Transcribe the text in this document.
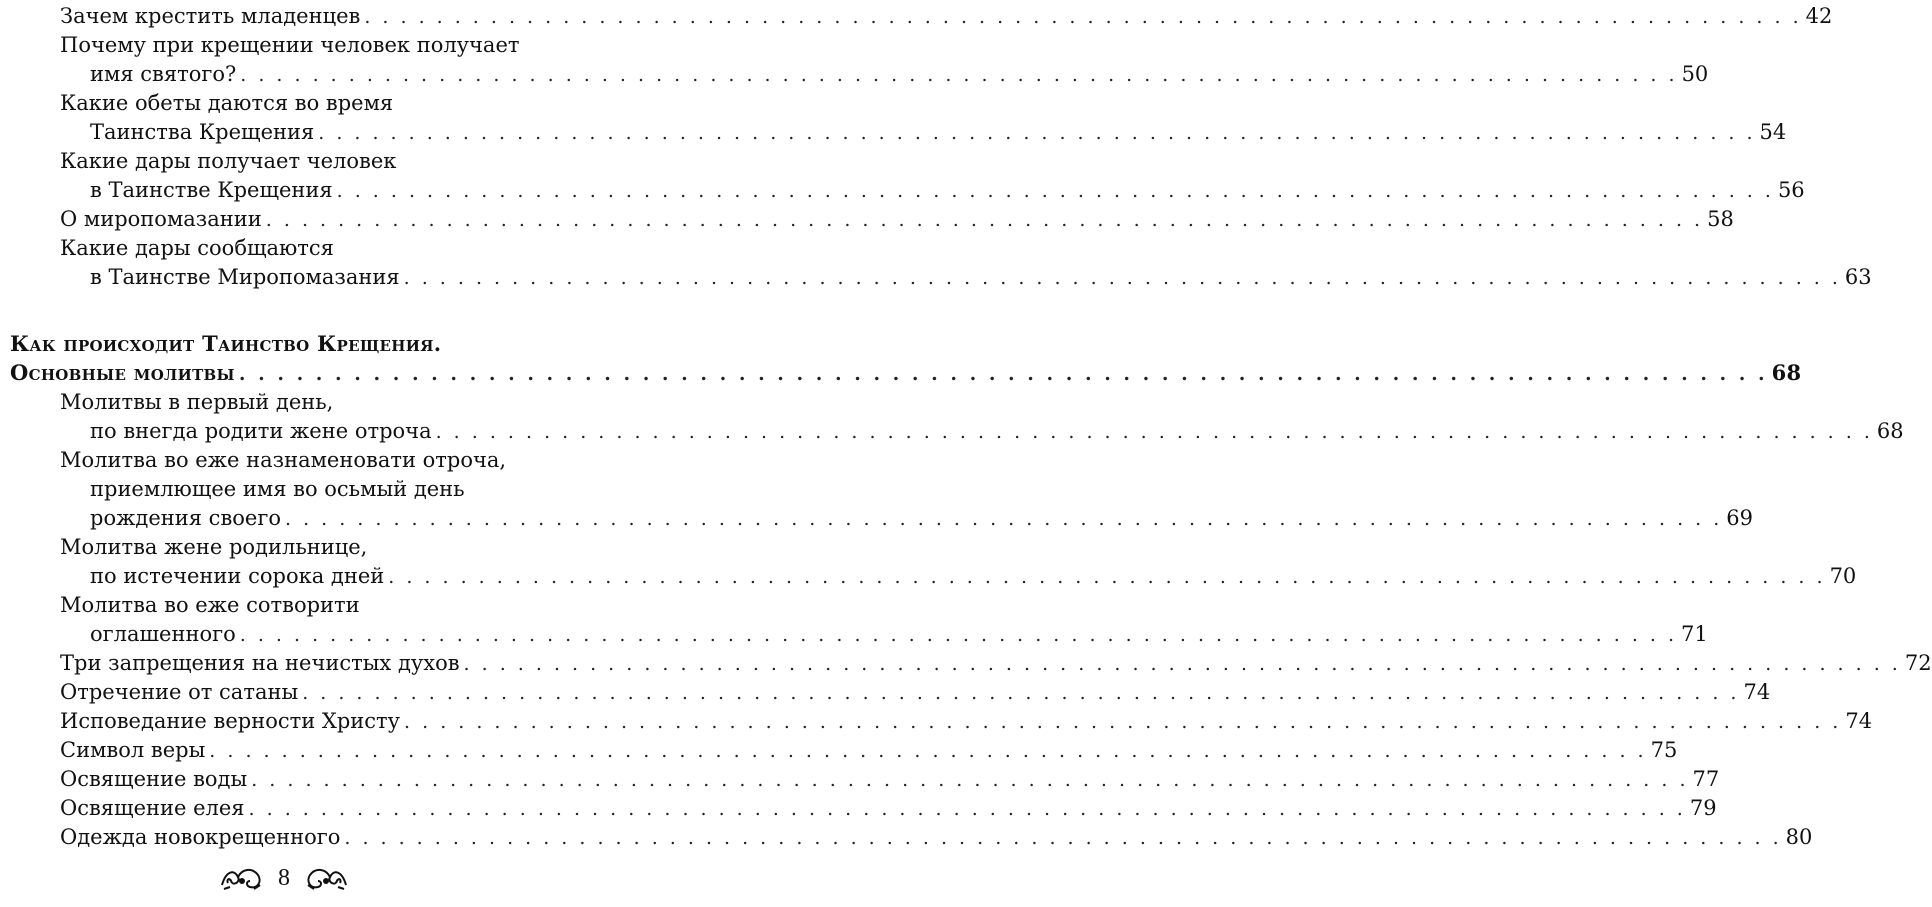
Зачем крестить младенцев . . . . . . . . . . . . . . . . . . . . . . . . . . . . . . . . . . . . . . . . . . . . . . . . . . . . . . . . . . . . . . . . . . . . . . . . . . . . . . . . 42
Почему при крещении человек получает
имя святого? . . . . . . . . . . . . . . . . . . . . . . . . . . . . . . . . . . . . . . . . . . . . . . . . . . . . . . . . . . . . . . . . . . . . . . . . . . . . . . . . 50
Какие обеты даются во время
Таинства Крещения . . . . . . . . . . . . . . . . . . . . . . . . . . . . . . . . . . . . . . . . . . . . . . . . . . . . . . . . . . . . . . . . . . . . . . . . . . . . . . . . 54
Какие дары получает человек
в Таинстве Крещения . . . . . . . . . . . . . . . . . . . . . . . . . . . . . . . . . . . . . . . . . . . . . . . . . . . . . . . . . . . . . . . . . . . . . . . . . . . . . . . . 56
О миропомазании . . . . . . . . . . . . . . . . . . . . . . . . . . . . . . . . . . . . . . . . . . . . . . . . . . . . . . . . . . . . . . . . . . . . . . . . . . . . . . . . 58
Какие дары сообщаются
в Таинстве Миропомазания . . . . . . . . . . . . . . . . . . . . . . . . . . . . . . . . . . . . . . . . . . . . . . . . . . . . . . . . . . . . . . . . . . . . . . . . . . . . . . . . 63
Как происходит Таинство Крещения.
Основные молитвы . . . . . . . . . . . . . . . . . . . . . . . . . . . . . . . . . . . . . . . . . . . . . . . . . . . . . . . . . . . . . . . . . . . . . . . . . . . . . . . . 68
Молитвы в первый день,
по внегда родити жене отроча . . . . . . . . . . . . . . . . . . . . . . . . . . . . . . . . . . . . . . . . . . . . . . . . . . . . . . . . . . . . . . . . . . . . . . . . . . . . . . . . 68
Молитва во еже назнаменовати отроча,
приемлющее имя во осьмый день
рождения своего . . . . . . . . . . . . . . . . . . . . . . . . . . . . . . . . . . . . . . . . . . . . . . . . . . . . . . . . . . . . . . . . . . . . . . . . . . . . . . . . 69
Молитва жене родильнице,
по истечении сорока дней . . . . . . . . . . . . . . . . . . . . . . . . . . . . . . . . . . . . . . . . . . . . . . . . . . . . . . . . . . . . . . . . . . . . . . . . . . . . . . . . 70
Молитва во еже сотворити
оглашенного . . . . . . . . . . . . . . . . . . . . . . . . . . . . . . . . . . . . . . . . . . . . . . . . . . . . . . . . . . . . . . . . . . . . . . . . . . . . . . . . 71
Три запрещения на нечистых духов . . . . . . . . . . . . . . . . . . . . . . . . . . . . . . . . . . . . . . . . . . . . . . . . . . . . . . . . . . . . . . . . . . . . . . . . . . . . . . . . 72
Отречение от сатаны . . . . . . . . . . . . . . . . . . . . . . . . . . . . . . . . . . . . . . . . . . . . . . . . . . . . . . . . . . . . . . . . . . . . . . . . . . . . . . . . 74
Исповедание верности Христу . . . . . . . . . . . . . . . . . . . . . . . . . . . . . . . . . . . . . . . . . . . . . . . . . . . . . . . . . . . . . . . . . . . . . . . . . . . . . . . . 74
Символ веры . . . . . . . . . . . . . . . . . . . . . . . . . . . . . . . . . . . . . . . . . . . . . . . . . . . . . . . . . . . . . . . . . . . . . . . . . . . . . . . . 75
Освящение воды . . . . . . . . . . . . . . . . . . . . . . . . . . . . . . . . . . . . . . . . . . . . . . . . . . . . . . . . . . . . . . . . . . . . . . . . . . . . . . . . 77
Освящение елея . . . . . . . . . . . . . . . . . . . . . . . . . . . . . . . . . . . . . . . . . . . . . . . . . . . . . . . . . . . . . . . . . . . . . . . . . . . . . . . . 79
Одежда новокрещенного . . . . . . . . . . . . . . . . . . . . . . . . . . . . . . . . . . . . . . . . . . . . . . . . . . . . . . . . . . . . . . . . . . . . . . . . . . . . . . . . 80
8
